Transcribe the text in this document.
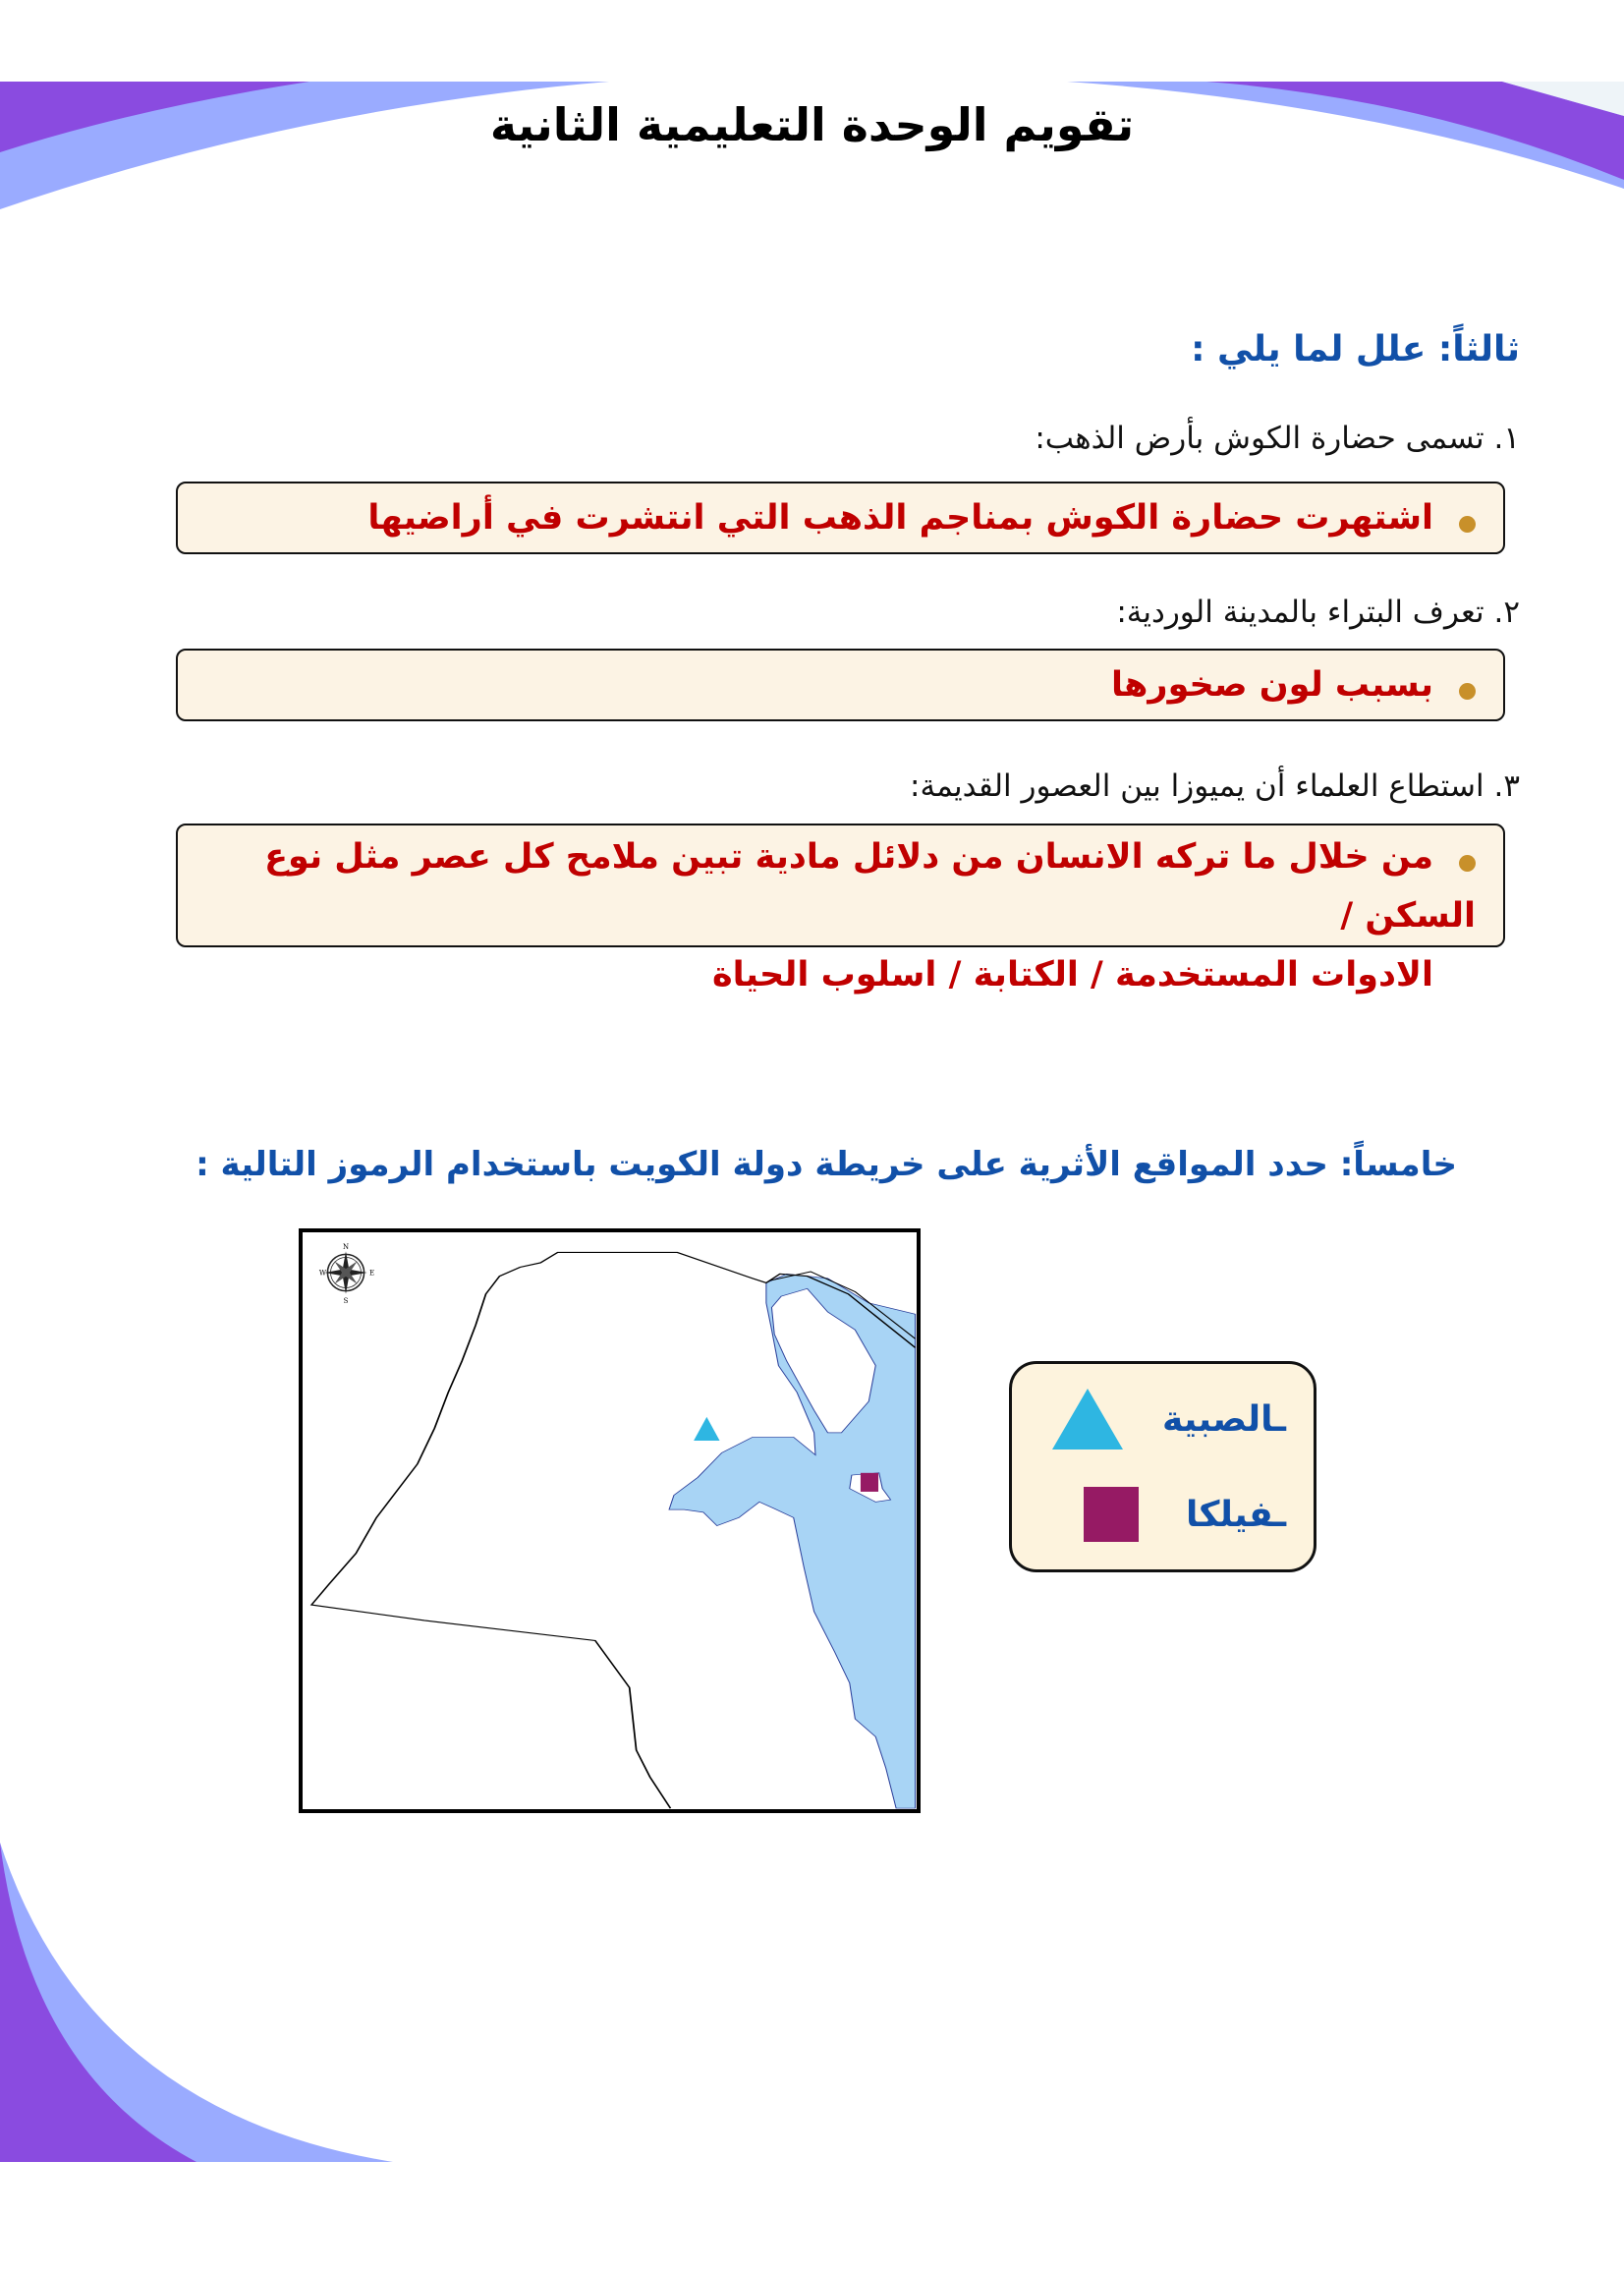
تقويم الوحدة التعليمية الثانية
ثالثاً: علل لما يلي :
١. تسمى حضارة الكوش بأرض الذهب:
اشتهرت حضارة الكوش بمناجم الذهب التي انتشرت في أراضيها
٢. تعرف البتراء بالمدينة الوردية:
بسبب لون صخورها
٣. استطاع العلماء أن يميوزا بين العصور القديمة:
من خلال ما تركه الانسان من دلائل مادية تبين ملامح كل عصر مثل نوع السكن /
الادوات المستخدمة / الكتابة / اسلوب الحياة
خامساً: حدد المواقع الأثرية على خريطة دولة الكويت باستخدام الرموز التالية :
N
S
E
W
ـالصبية
ـفيلكا
